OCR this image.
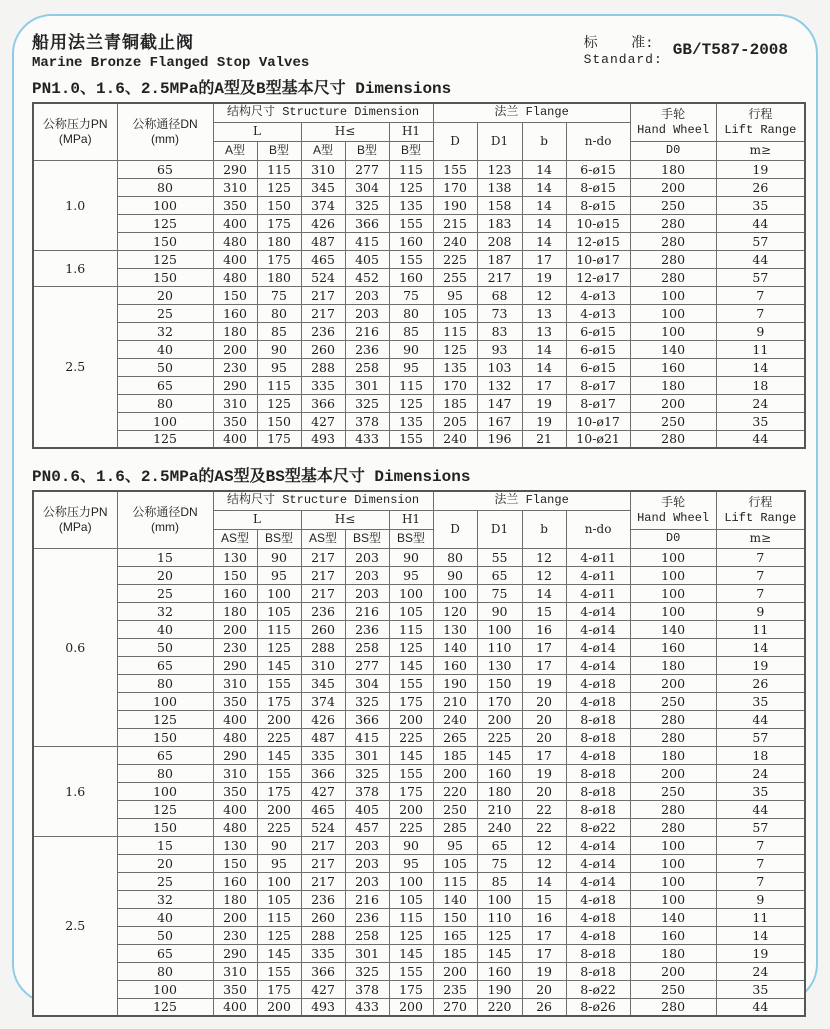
船用法兰青铜截止阀
Marine Bronze Flanged Stop Valves
标    准:
Standard:
GB/T587-2008
PN1.0、1.6、2.5MPa的A型及B型基本尺寸 Dimensions
公称压力PN
(MPa)	公称通径DN
(mm)	结构尺寸 Structure Dimension					法兰 Flange				手轮
Hand Wheel	行程
Lift Range
		L		H≤		H1	D	D1	b	n-do		
		A型	B型	A型	B型	B型					D0	m≥
1.0	65	290	115	310	277	115	155	123	14	6-ø15	180	19
	80	310	125	345	304	125	170	138	14	8-ø15	200	26
	100	350	150	374	325	135	190	158	14	8-ø15	250	35
	125	400	175	426	366	155	215	183	14	10-ø15	280	44
	150	480	180	487	415	160	240	208	14	12-ø15	280	57
1.6	125	400	175	465	405	155	225	187	17	10-ø17	280	44
	150	480	180	524	452	160	255	217	19	12-ø17	280	57
2.5	20	150	75	217	203	75	95	68	12	4-ø13	100	7
	25	160	80	217	203	80	105	73	13	4-ø13	100	7
	32	180	85	236	216	85	115	83	13	6-ø15	100	9
	40	200	90	260	236	90	125	93	14	6-ø15	140	11
	50	230	95	288	258	95	135	103	14	6-ø15	160	14
	65	290	115	335	301	115	170	132	17	8-ø17	180	18
	80	310	125	366	325	125	185	147	19	8-ø17	200	24
	100	350	150	427	378	135	205	167	19	10-ø17	250	35
	125	400	175	493	433	155	240	196	21	10-ø21	280	44
PN0.6、1.6、2.5MPa的AS型及BS型基本尺寸 Dimensions
公称压力PN
(MPa)	公称通径DN
(mm)	结构尺寸 Structure Dimension					法兰 Flange				手轮
Hand Wheel	行程
Lift Range
		L		H≤		H1	D	D1	b	n-do		
		AS型	BS型	AS型	BS型	BS型					D0	m≥
0.6	15	130	90	217	203	90	80	55	12	4-ø11	100	7
	20	150	95	217	203	95	90	65	12	4-ø11	100	7
	25	160	100	217	203	100	100	75	14	4-ø11	100	7
	32	180	105	236	216	105	120	90	15	4-ø14	100	9
	40	200	115	260	236	115	130	100	16	4-ø14	140	11
	50	230	125	288	258	125	140	110	17	4-ø14	160	14
	65	290	145	310	277	145	160	130	17	4-ø14	180	19
	80	310	155	345	304	155	190	150	19	4-ø18	200	26
	100	350	175	374	325	175	210	170	20	4-ø18	250	35
	125	400	200	426	366	200	240	200	20	8-ø18	280	44
	150	480	225	487	415	225	265	225	20	8-ø18	280	57
1.6	65	290	145	335	301	145	185	145	17	4-ø18	180	18
	80	310	155	366	325	155	200	160	19	8-ø18	200	24
	100	350	175	427	378	175	220	180	20	8-ø18	250	35
	125	400	200	465	405	200	250	210	22	8-ø18	280	44
	150	480	225	524	457	225	285	240	22	8-ø22	280	57
2.5	15	130	90	217	203	90	95	65	12	4-ø14	100	7
	20	150	95	217	203	95	105	75	12	4-ø14	100	7
	25	160	100	217	203	100	115	85	14	4-ø14	100	7
	32	180	105	236	216	105	140	100	15	4-ø18	100	9
	40	200	115	260	236	115	150	110	16	4-ø18	140	11
	50	230	125	288	258	125	165	125	17	4-ø18	160	14
	65	290	145	335	301	145	185	145	17	8-ø18	180	19
	80	310	155	366	325	155	200	160	19	8-ø18	200	24
	100	350	175	427	378	175	235	190	20	8-ø22	250	35
	125	400	200	493	433	200	270	220	26	8-ø26	280	44
